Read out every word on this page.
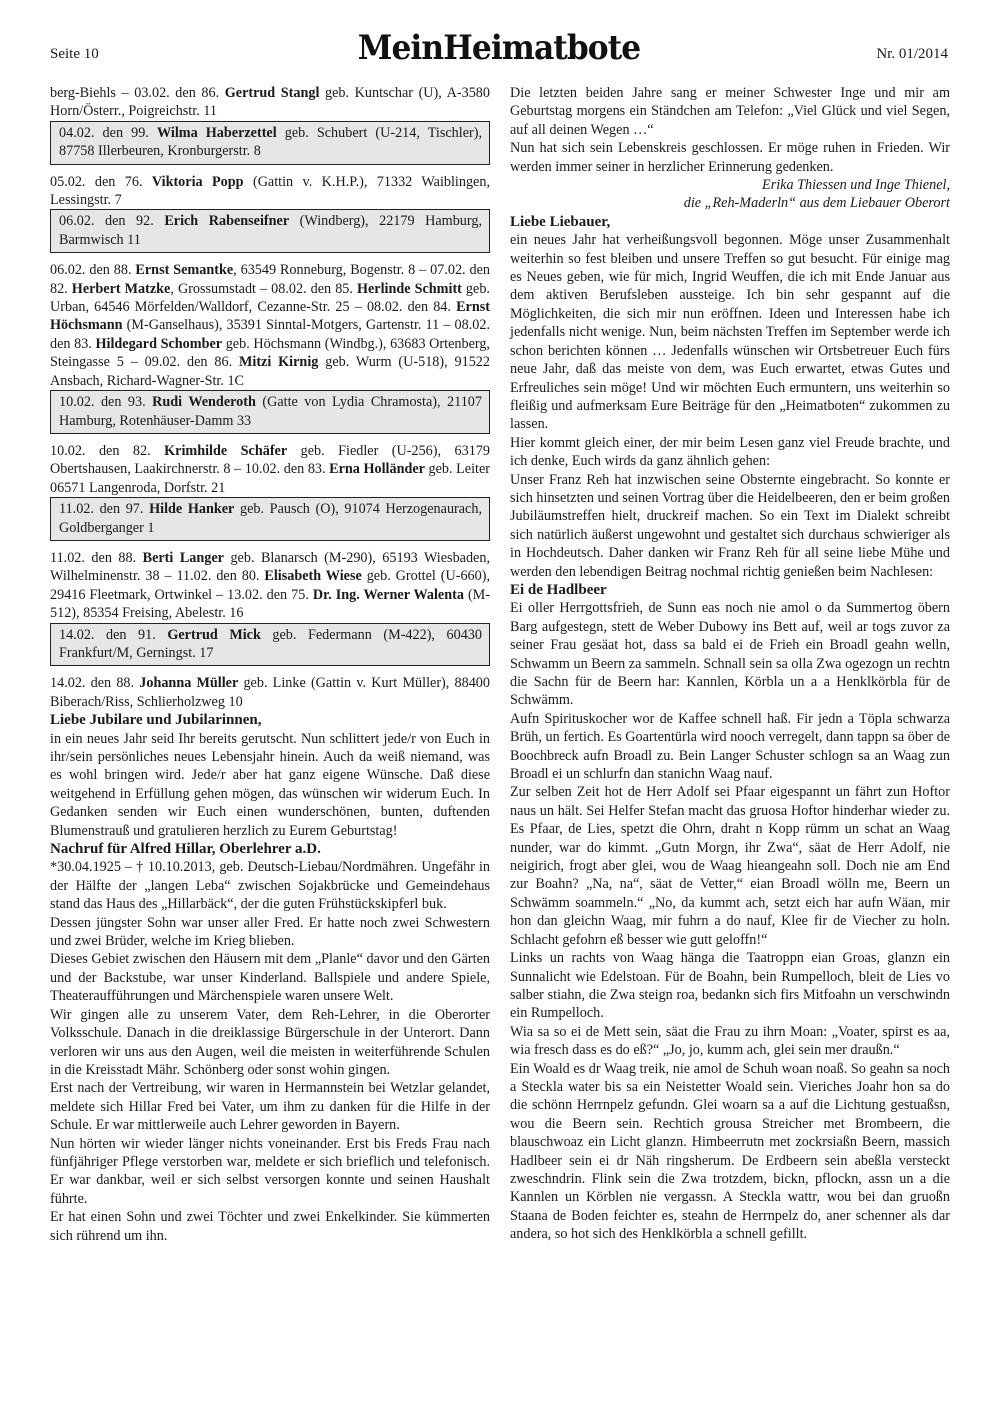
Seite 10	MeinHeimatbote	Nr. 01/2014

berg-Biehls – 03.02. den 86. Gertrud Stangl geb. Kuntschar (U), A-3580 Horn/Österr., Poigreichstr. 11

04.02. den 99. Wilma Haberzettel geb. Schubert (U-214, Tischler), 87758 Illerbeuren, Kronburgerstr. 8

05.02. den 76. Viktoria Popp (Gattin v. K.H.P.), 71332 Waiblingen, Lessingstr. 7

06.02. den 92. Erich Rabenseifner (Windberg), 22179 Hamburg, Barmwisch 11

06.02. den 88. Ernst Semantke, 63549 Ronneburg, Bogenstr. 8 – 07.02. den 82. Herbert Matzke, Grossumstadt – 08.02. den 85. Herlinde Schmitt geb. Urban, 64546 Mörfelden/Walldorf, Cezanne-Str. 25 – 08.02. den 84. Ernst Höchsmann (M-Ganselhaus), 35391 Sinntal-Motgers, Gartenstr. 11 – 08.02. den 83. Hildegard Schomber geb. Höchsmann (Windbg.), 63683 Ortenberg, Steingasse 5 – 09.02. den 86. Mitzi Kirnig geb. Wurm (U-518), 91522 Ansbach, Richard-Wagner-Str. 1C

10.02. den 93. Rudi Wenderoth (Gatte von Lydia Chramosta), 21107 Hamburg, Rotenhäuser-Damm 33

10.02. den 82. Krimhilde Schäfer geb. Fiedler (U-256), 63179 Obertshausen, Laakirchnerstr. 8 – 10.02. den 83. Erna Holländer geb. Leiter 06571 Langenroda, Dorfstr. 21

11.02. den 97. Hilde Hanker geb. Pausch (O), 91074 Herzogenaurach, Goldberganger 1

11.02. den 88. Berti Langer geb. Blanarsch (M-290), 65193 Wiesbaden, Wilhelminenstr. 38 – 11.02. den 80. Elisabeth Wiese geb. Grottel (U-660), 29416 Fleetmark, Ortwinkel – 13.02. den 75. Dr. Ing. Werner Walenta (M-512), 85354 Freising, Abelestr. 16

14.02. den 91. Gertrud Mick geb. Federmann (M-422), 60430 Frankfurt/M, Gerningst. 17

14.02. den 88. Johanna Müller geb. Linke (Gattin v. Kurt Müller), 88400 Biberach/Riss, Schlierholzweg 10

Liebe Jubilare und Jubilarinnen,

in ein neues Jahr seid Ihr bereits gerutscht. Nun schlittert jede/r von Euch in ihr/sein persönliches neues Lebensjahr hinein. Auch da weiß niemand, was es wohl bringen wird. Jede/r aber hat ganz eigene Wünsche. Daß diese weitgehend in Erfüllung gehen mögen, das wünschen wir widerum Euch. In Gedanken senden wir Euch einen wunderschönen, bunten, duftenden Blumenstrauß und gratulieren herzlich zu Eurem Geburtstag!

Nachruf für Alfred Hillar, Oberlehrer a.D.

*30.04.1925 – † 10.10.2013, geb. Deutsch-Liebau/Nordmähren. Ungefähr in der Hälfte der „langen Leba“ zwischen Sojakbrücke und Gemeindehaus stand das Haus des „Hillarbäck“, der die guten Frühstückskipferl buk.

Dessen jüngster Sohn war unser aller Fred. Er hatte noch zwei Schwestern und zwei Brüder, welche im Krieg blieben.

Dieses Gebiet zwischen den Häusern mit dem „Planle“ davor und den Gärten und der Backstube, war unser Kinderland. Ballspiele und andere Spiele, Theateraufführungen und Märchenspiele waren unsere Welt.

Wir gingen alle zu unserem Vater, dem Reh-Lehrer, in die Oberorter Volksschule. Danach in die dreiklassige Bürgerschule in der Unterort. Dann verloren wir uns aus den Augen, weil die meisten in weiterführende Schulen in die Kreisstadt Mähr. Schönberg oder sonst wohin gingen.

Erst nach der Vertreibung, wir waren in Hermannstein bei Wetzlar gelandet, meldete sich Hillar Fred bei Vater, um ihm zu danken für die Hilfe in der Schule. Er war mittlerweile auch Lehrer geworden in Bayern.

Nun hörten wir wieder länger nichts voneinander. Erst bis Freds Frau nach fünfjähriger Pflege verstorben war, meldete er sich brieflich und telefonisch. Er war dankbar, weil er sich selbst versorgen konnte und seinen Haushalt führte.

Er hat einen Sohn und zwei Töchter und zwei Enkelkinder. Sie kümmerten sich rührend um ihn.

Die letzten beiden Jahre sang er meiner Schwester Inge und mir am Geburtstag morgens ein Ständchen am Telefon: „Viel Glück und viel Segen, auf all deinen Wegen …“

Nun hat sich sein Lebenskreis geschlossen. Er möge ruhen in Frieden. Wir werden immer seiner in herzlicher Erinnerung gedenken.

Erika Thiessen und Inge Thienel,

die „Reh-Maderln“ aus dem Liebauer Oberort

Liebe Liebauer,

ein neues Jahr hat verheißungsvoll begonnen. Möge unser Zusammenhalt weiterhin so fest bleiben und unsere Treffen so gut besucht. Für einige mag es Neues geben, wie für mich, Ingrid Weuffen, die ich mit Ende Januar aus dem aktiven Berufsleben aussteige. Ich bin sehr gespannt auf die Möglichkeiten, die sich mir nun eröffnen. Ideen und Interessen habe ich jedenfalls nicht wenige. Nun, beim nächsten Treffen im September werde ich schon berichten können … Jedenfalls wünschen wir Ortsbetreuer Euch fürs neue Jahr, daß das meiste von dem, was Euch erwartet, etwas Gutes und Erfreuliches sein möge! Und wir möchten Euch ermuntern, uns weiterhin so fleißig und aufmerksam Eure Beiträge für den „Heimatboten“ zukommen zu lassen.

Hier kommt gleich einer, der mir beim Lesen ganz viel Freude brachte, und ich denke, Euch wirds da ganz ähnlich gehen:

Unser Franz Reh hat inzwischen seine Obsternte eingebracht. So konnte er sich hinsetzten und seinen Vortrag über die Heidelbeeren, den er beim großen Jubiläumstreffen hielt, druckreif machen. So ein Text im Dialekt schreibt sich natürlich äußerst ungewohnt und gestaltet sich durchaus schwieriger als in Hochdeutsch. Daher danken wir Franz Reh für all seine liebe Mühe und werden den lebendigen Beitrag nochmal richtig genießen beim Nachlesen:

Ei de Hadlbeer

Ei oller Herrgottsfrieh, de Sunn eas noch nie amol o da Summertog öbern Barg aufgestegn, stett de Weber Dubowy ins Bett auf, weil ar togs zuvor za seiner Frau gesäat hot, dass sa bald ei de Frieh ein Broadl geahn welln, Schwamm un Beern za sammeln. Schnall sein sa olla Zwa ogezogn un rechtn die Sachn für de Beern har: Kannlen, Körbla un a a Henklkörbla für de Schwämm.

Aufn Spirituskocher wor de Kaffee schnell haß. Fir jedn a Töpla schwarza Brüh, un fertich. Es Goartentürla wird nooch verregelt, dann tappn sa öber de Boochbreck aufn Broadl zu. Bein Langer Schuster schlogn sa an Waag zun Broadl ei un schlurfn dan stanichn Waag nauf.

Zur selben Zeit hot de Herr Adolf sei Pfaar eigespannt un fährt zun Hoftor naus un hält. Sei Helfer Stefan macht das gruosa Hoftor hinderhar wieder zu. Es Pfaar, de Lies, spetzt die Ohrn, draht n Kopp rümm un schat an Waag nunder, war do kimmt. „Gutn Morgn, ihr Zwa“, säat de Herr Adolf, nie neigirich, frogt aber glei, wou de Waag hieangeahn soll. Doch nie am End zur Boahn? „Na, na“, säat de Vetter,“ eian Broadl wölln me, Beern un Schwämm soammeln.“ „No, da kummt ach, setzt eich har aufn Wäan, mir hon dan gleichn Waag, mir fuhrn a do nauf, Klee fir de Viecher zu holn. Schlacht gefohrn eß besser wie gutt geloffn!“

Links un rachts von Waag hänga die Taatroppn eian Groas, glanzn ein Sunnalicht wie Edelstoan. Für de Boahn, bein Rumpelloch, bleit de Lies vo salber stiahn, die Zwa steign roa, bedankn sich firs Mitfoahn un verschwindn ein Rumpelloch.

Wia sa so ei de Mett sein, säat die Frau zu ihrn Moan: „Voater, spirst es aa, wia fresch dass es do eß?“ „Jo, jo, kumm ach, glei sein mer draußn.“

Ein Woald es dr Waag treik, nie amol de Schuh woan noaß. So geahn sa noch a Steckla water bis sa ein Neistetter Woald sein. Vieriches Joahr hon sa do die schönn Herrnpelz gefundn. Glei woarn sa a auf die Lichtung gestuaßsn, wou die Beern sein. Rechtich grousa Streicher met Brombeern, die blauschwoaz ein Licht glanzn. Himbeerrutn met zockrsiaßn Beern, massich Hadlbeer sein ei dr Näh ringsherum. De Erdbeern sein abeßla versteckt zweschndrin. Flink sein die Zwa trotzdem, bickn, pflockn, assn un a die Kannlen un Körblen nie vergassn. A Steckla wattr, wou bei dan gruoßn Staana de Boden feichter es, steahn de Herrnpelz do, aner schenner als dar andera, so hot sich des Henklkörbla a schnell gefillt.
